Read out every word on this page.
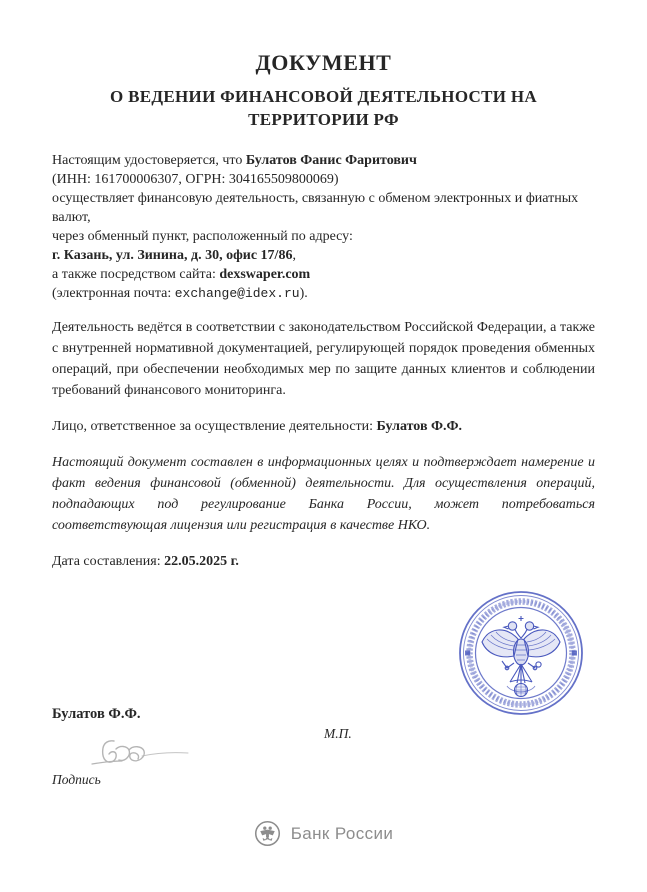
ДОКУМЕНТ
О ВЕДЕНИИ ФИНАНСОВОЙ ДЕЯТЕЛЬНОСТИ НА
ТЕРРИТОРИИ РФ
Настоящим удостоверяется, что Булатов Фанис Фаритович
(ИНН: 161700006307, ОГРН: 304165509800069)
осуществляет финансовую деятельность, связанную с обменом электронных и фиатных
валют,
через обменный пункт, расположенный по адресу:
г. Казань, ул. Зинина, д. 30, офис 17/86,
а также посредством сайта: dexswaper.com
(электронная почта: exchange@idex.ru).
Деятельность ведётся в соответствии с законодательством Российской Федерации, а также с внутренней нормативной документацией, регулирующей порядок проведения обменных операций, при обеспечении необходимых мер по защите данных клиентов и соблюдении требований финансового мониторинга.
Лицо, ответственное за осуществление деятельности: Булатов Ф.Ф.
Настоящий документ составлен в информационных целях и подтверждает намерение и факт ведения финансовой (обменной) деятельности. Для осуществления операций, подпадающих под регулирование Банка России, может потребоваться соответствующая лицензия или регистрация в качестве НКО.
Дата составления: 22.05.2025 г.
Булатов Ф.Ф.
М.П.
Подпись
Банк России
